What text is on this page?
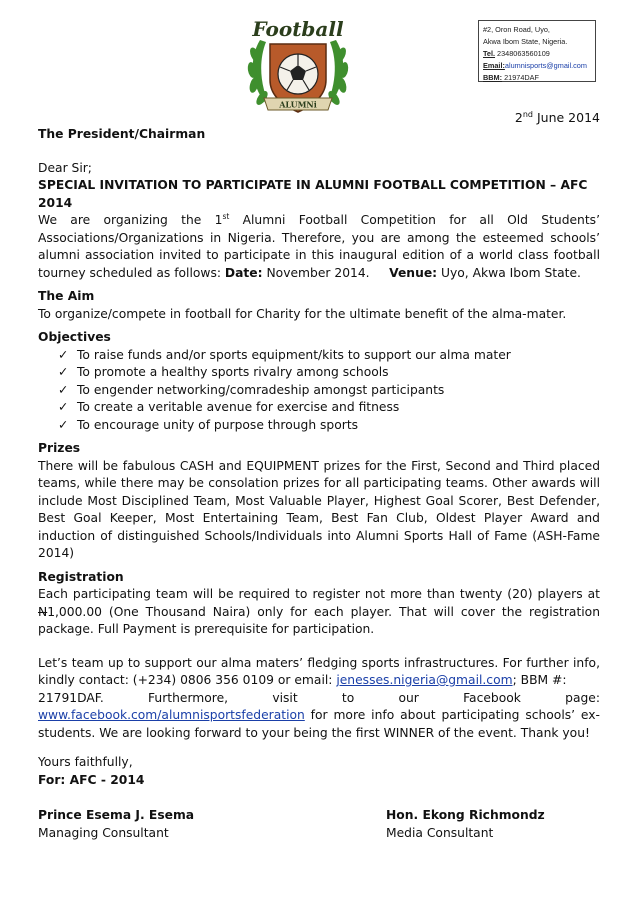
ALUMNi
Football	#2, Oron Road, Uyo,
Akwa Ibom State, Nigeria.
Tel. 2348063560109
Email:alumnisports@gmail.com
BBM: 21974DAF
2nd June 2014

The President/Chairman

Dear Sir;

SPECIAL INVITATION TO PARTICIPATE IN ALUMNI FOOTBALL COMPETITION – AFC 2014

We are organizing the 1st Alumni Football Competition for all Old Students’ Associations/Organizations in Nigeria. Therefore, you are among the esteemed schools’ alumni association invited to participate in this inaugural edition of a world class football tourney scheduled as follows: Date: November 2014. Venue: Uyo, Akwa Ibom State.

The Aim

To organize/compete in football for Charity for the ultimate benefit of the alma-mater.

Objectives

✓ To raise funds and/or sports equipment/kits to support our alma mater
✓ To promote a healthy sports rivalry among schools
✓ To engender networking/comradeship amongst participants
✓ To create a veritable avenue for exercise and fitness
✓ To encourage unity of purpose through sports

Prizes

There will be fabulous CASH and EQUIPMENT prizes for the First, Second and Third placed teams, while there may be consolation prizes for all participating teams. Other awards will include Most Disciplined Team, Most Valuable Player, Highest Goal Scorer, Best Defender, Best Goal Keeper, Most Entertaining Team, Best Fan Club, Oldest Player Award and induction of distinguished Schools/Individuals into Alumni Sports Hall of Fame (ASH-Fame 2014)

Registration

Each participating team will be required to register not more than twenty (20) players at N1,000.00 (One Thousand Naira) only for each player. That will cover the registration package. Full Payment is prerequisite for participation.

Let’s team up to support our alma maters’ fledging sports infrastructures. For further info, kindly contact: (+234) 0806 356 0109 or email: jenesses.nigeria@gmail.com; BBM #:

21791DAF. Furthermore, visit to our Facebook page:

www.facebook.com/alumnisportsfederation for more info about participating schools’ ex-students. We are looking forward to your being the first WINNER of the event. Thank you!

Yours faithfully,

For: AFC - 2014

Prince Esema J. Esema

Managing Consultant

Hon. Ekong Richmondz

Media Consultant
